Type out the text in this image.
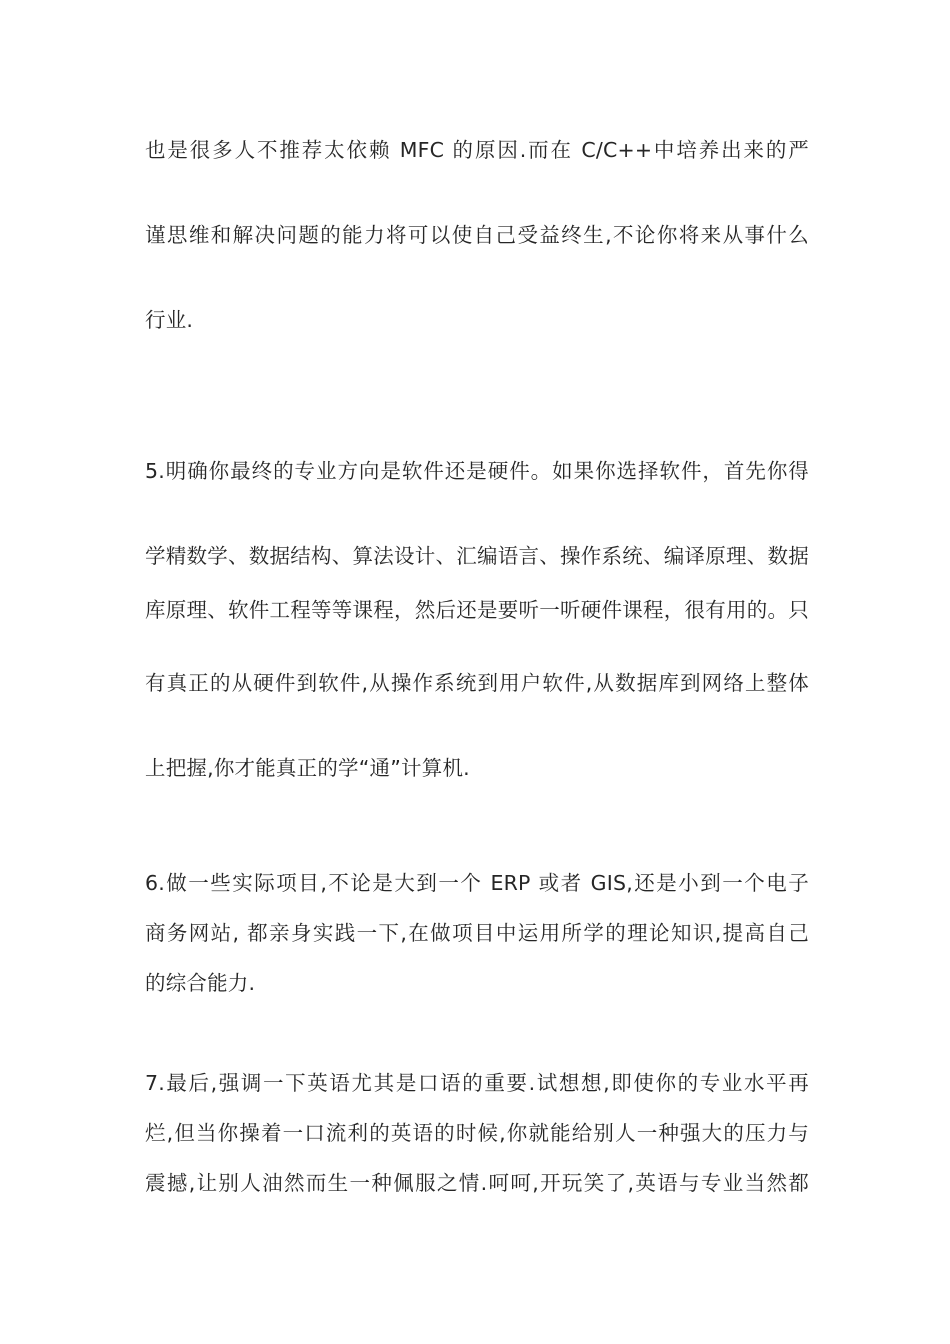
也是很多人不推荐太依赖 MFC 的原因.而在 C/C++中培养出来的严
谨思维和解决问题的能力将可以使自己受益终生,不论你将来从事什么
行业.
5.明确你最终的专业方向是软件还是硬件。如果你选择软件，首先你得
学精数学、数据结构、算法设计、汇编语言、操作系统、编译原理、数据
库原理、软件工程等等课程，然后还是要听一听硬件课程，很有用的。只
有真正的从硬件到软件,从操作系统到用户软件,从数据库到网络上整体
上把握,你才能真正的学“通”计算机.
6.做一些实际项目,不论是大到一个 ERP 或者 GIS,还是小到一个电子
商务网站, 都亲身实践一下,在做项目中运用所学的理论知识,提高自己
的综合能力.
7.最后,强调一下英语尤其是口语的重要.试想想,即使你的专业水平再
烂,但当你操着一口流利的英语的时候,你就能给别人一种强大的压力与
震撼,让别人油然而生一种佩服之情.呵呵,开玩笑了,英语与专业当然都
